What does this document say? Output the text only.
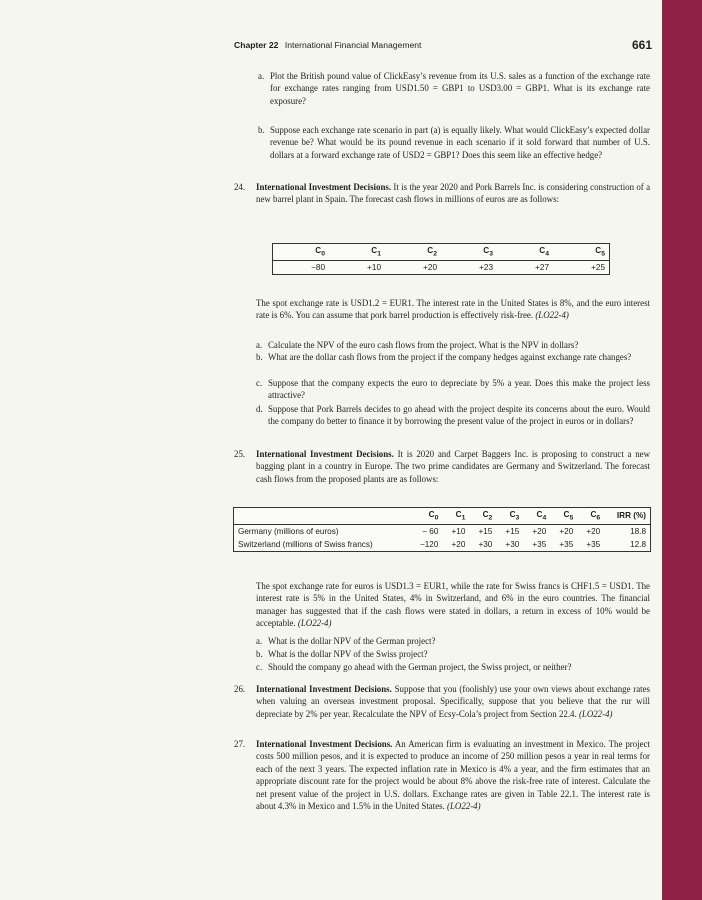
Chapter 22 International Financial Management	661
a. Plot the British pound value of ClickEasy’s revenue from its U.S. sales as a function of the exchange rate for exchange rates ranging from USD1.50 = GBP1 to USD3.00 = GBP1. What is its exchange rate exposure?
b. Suppose each exchange rate scenario in part (a) is equally likely. What would ClickEasy’s expected dollar revenue be? What would be its pound revenue in each scenario if it sold forward that number of U.S. dollars at a forward exchange rate of USD2 = GBP1? Does this seem like an effective hedge?
24. International Investment Decisions. It is the year 2020 and Pork Barrels Inc. is considering construction of a new barrel plant in Spain. The forecast cash flows in millions of euros are as follows:
$C_0$	$C_1$	$C_2$	$C_3$	$C_4$	$C_5$
−80	+10	+20	+23	+27	+25
The spot exchange rate is USD1.2 = EUR1. The interest rate in the United States is 8%, and the euro interest rate is 6%. You can assume that pork barrel production is effectively risk-free. (LO22-4)
a. Calculate the NPV of the euro cash flows from the project. What is the NPV in dollars?
b. What are the dollar cash flows from the project if the company hedges against exchange rate changes?
c. Suppose that the company expects the euro to depreciate by 5% a year. Does this make the project less attractive?
d. Suppose that Pork Barrels decides to go ahead with the project despite its concerns about the euro. Would the company do better to finance it by borrowing the present value of the project in euros or in dollars?
25. International Investment Decisions. It is 2020 and Carpet Baggers Inc. is proposing to construct a new bagging plant in a country in Europe. The two prime candidates are Germany and Switzerland. The forecast cash flows from the proposed plants are as follows:
	$C_0$	$C_1$	$C_2$	$C_3$	$C_4$	$C_5$	$C_6$	IRR (%)
Germany (millions of euros)	− 60	+10	+15	+15	+20	+20	+20	18.8
Switzerland (millions of Swiss francs)	−120	+20	+30	+30	+35	+35	+35	12.8
The spot exchange rate for euros is USD1.3 = EUR1, while the rate for Swiss francs is CHF1.5 = USD1. The interest rate is 5% in the United States, 4% in Switzerland, and 6% in the euro countries. The financial manager has suggested that if the cash flows were stated in dollars, a return in excess of 10% would be acceptable. (LO22-4)
a. What is the dollar NPV of the German project?
b. What is the dollar NPV of the Swiss project?
c. Should the company go ahead with the German project, the Swiss project, or neither?
26. International Investment Decisions. Suppose that you (foolishly) use your own views about exchange rates when valuing an overseas investment proposal. Specifically, suppose that you believe that the rur will depreciate by 2% per year. Recalculate the NPV of Ecsy-Cola’s project from Section 22.4. (LO22-4)
27. International Investment Decisions. An American firm is evaluating an investment in Mexico. The project costs 500 million pesos, and it is expected to produce an income of 250 million pesos a year in real terms for each of the next 3 years. The expected inflation rate in Mexico is 4% a year, and the firm estimates that an appropriate discount rate for the project would be about 8% above the risk-free rate of interest. Calculate the net present value of the project in U.S. dollars. Exchange rates are given in Table 22.1. The interest rate is about 4.3% in Mexico and 1.5% in the United States. (LO22-4)
